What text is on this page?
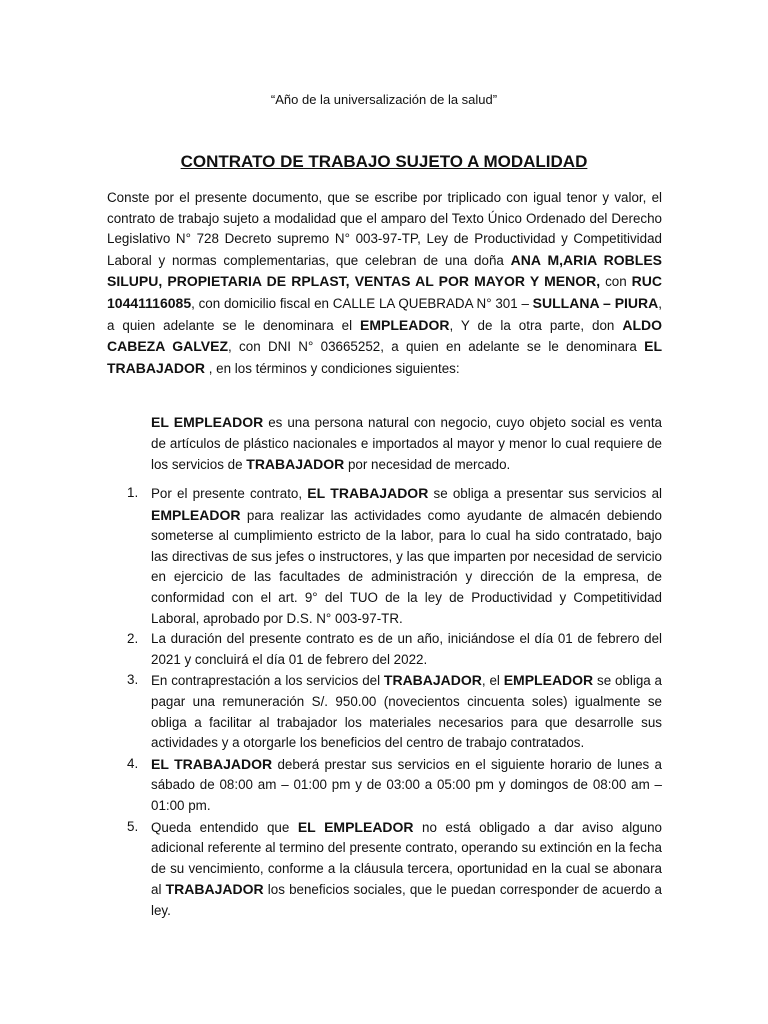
“Año de la universalización de la salud”
CONTRATO DE TRABAJO SUJETO A MODALIDAD
Conste por el presente documento, que se escribe por triplicado con igual tenor y valor, el contrato de trabajo sujeto a modalidad que el amparo del Texto Único Ordenado del Derecho Legislativo N° 728 Decreto supremo N° 003-97-TP, Ley de Productividad y Competitividad Laboral y normas complementarias, que celebran de una doña ANA M,ARIA ROBLES SILUPU, PROPIETARIA DE RPLAST, VENTAS AL POR MAYOR Y MENOR, con RUC 10441116085, con domicilio fiscal en CALLE LA QUEBRADA N° 301 – SULLANA – PIURA, a quien adelante se le denominara el EMPLEADOR, Y de la otra parte, don ALDO CABEZA GALVEZ, con DNI N° 03665252, a quien en adelante se le denominara EL TRABAJADOR , en los términos y condiciones siguientes:
EL EMPLEADOR es una persona natural con negocio, cuyo objeto social es venta de artículos de plástico nacionales e importados al mayor y menor lo cual requiere de los servicios de TRABAJADOR por necesidad de mercado.
1. Por el presente contrato, EL TRABAJADOR se obliga a presentar sus servicios al EMPLEADOR para realizar las actividades como ayudante de almacén debiendo someterse al cumplimiento estricto de la labor, para lo cual ha sido contratado, bajo las directivas de sus jefes o instructores, y las que imparten por necesidad de servicio en ejercicio de las facultades de administración y dirección de la empresa, de conformidad con el art. 9° del TUO de la ley de Productividad y Competitividad Laboral, aprobado por D.S. N° 003-97-TR.
2. La duración del presente contrato es de un año, iniciándose el día 01 de febrero del 2021 y concluirá el día 01 de febrero del 2022.
3. En contraprestación a los servicios del TRABAJADOR, el EMPLEADOR se obliga a pagar una remuneración S/. 950.00 (novecientos cincuenta soles) igualmente se obliga a facilitar al trabajador los materiales necesarios para que desarrolle sus actividades y a otorgarle los beneficios del centro de trabajo contratados.
4. EL TRABAJADOR deberá prestar sus servicios en el siguiente horario de lunes a sábado de 08:00 am – 01:00 pm y de 03:00 a 05:00 pm y domingos de 08:00 am – 01:00 pm.
5. Queda entendido que EL EMPLEADOR no está obligado a dar aviso alguno adicional referente al termino del presente contrato, operando su extinción en la fecha de su vencimiento, conforme a la cláusula tercera, oportunidad en la cual se abonara al TRABAJADOR los beneficios sociales, que le puedan corresponder de acuerdo a ley.
